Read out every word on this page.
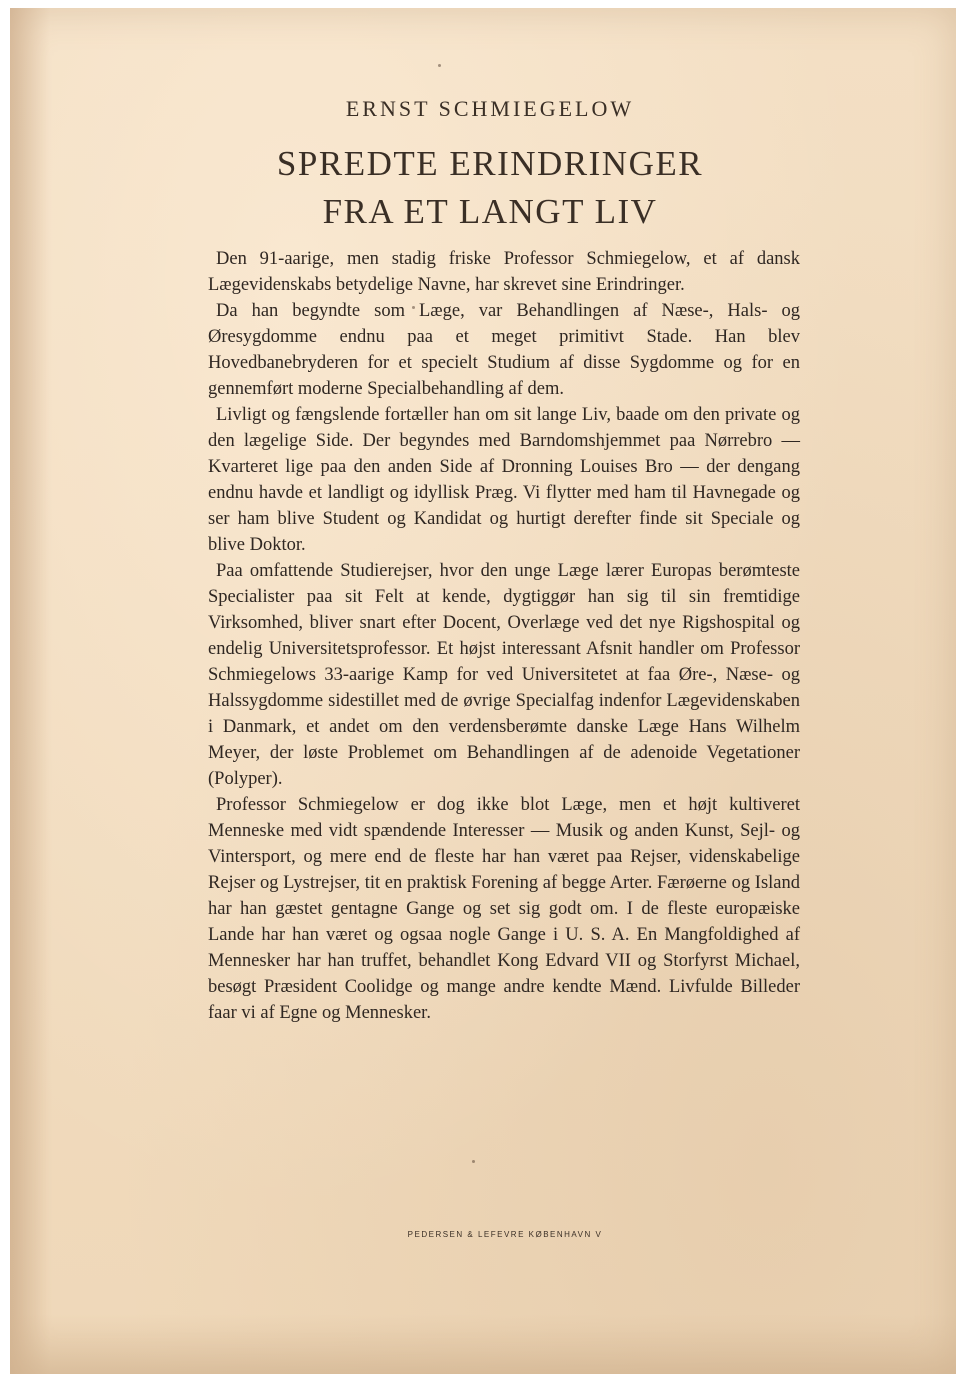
ERNST SCHMIEGELOW
SPREDTE ERINDRINGER
FRA ET LANGT LIV

Den 91-aarige, men stadig friske Professor Schmiegelow, et af dansk Lægevidenskabs betydelige Navne, har skrevet sine Erindringer.

Da han begyndte som Læge, var Behandlingen af Næse-, Hals- og Øresygdomme endnu paa et meget primitivt Stade. Han blev Hovedbanebryderen for et specielt Studium af disse Sygdomme og for en gennemført moderne Specialbehandling af dem.

Livligt og fængslende fortæller han om sit lange Liv, baade om den private og den lægelige Side. Der begyndes med Barndomshjemmet paa Nørrebro — Kvarteret lige paa den anden Side af Dronning Louises Bro — der dengang endnu havde et landligt og idyllisk Præg. Vi flytter med ham til Havnegade og ser ham blive Student og Kandidat og hurtigt derefter finde sit Speciale og blive Doktor.

Paa omfattende Studierejser, hvor den unge Læge lærer Europas berømteste Specialister paa sit Felt at kende, dygtiggør han sig til sin fremtidige Virksomhed, bliver snart efter Docent, Overlæge ved det nye Rigshospital og endelig Universitetsprofessor. Et højst interessant Afsnit handler om Professor Schmiegelows 33-aarige Kamp for ved Universitetet at faa Øre-, Næse- og Halssygdomme sidestillet med de øvrige Specialfag indenfor Lægevidenskaben i Danmark, et andet om den verdensberømte danske Læge Hans Wilhelm Meyer, der løste Problemet om Behandlingen af de adenoide Vegetationer (Polyper).

Professor Schmiegelow er dog ikke blot Læge, men et højt kultiveret Menneske med vidt spændende Interesser — Musik og anden Kunst, Sejl- og Vintersport, og mere end de fleste har han været paa Rejser, videnskabelige Rejser og Lystrejser, tit en praktisk Forening af begge Arter. Færøerne og Island har han gæstet gentagne Gange og set sig godt om. I de fleste europæiske Lande har han været og ogsaa nogle Gange i U. S. A. En Mangfoldighed af Mennesker har han truffet, behandlet Kong Edvard VII og Storfyrst Michael, besøgt Præsident Coolidge og mange andre kendte Mænd. Livfulde Billeder faar vi af Egne og Mennesker.

PEDERSEN & LEFEVRE KØBENHAVN V
